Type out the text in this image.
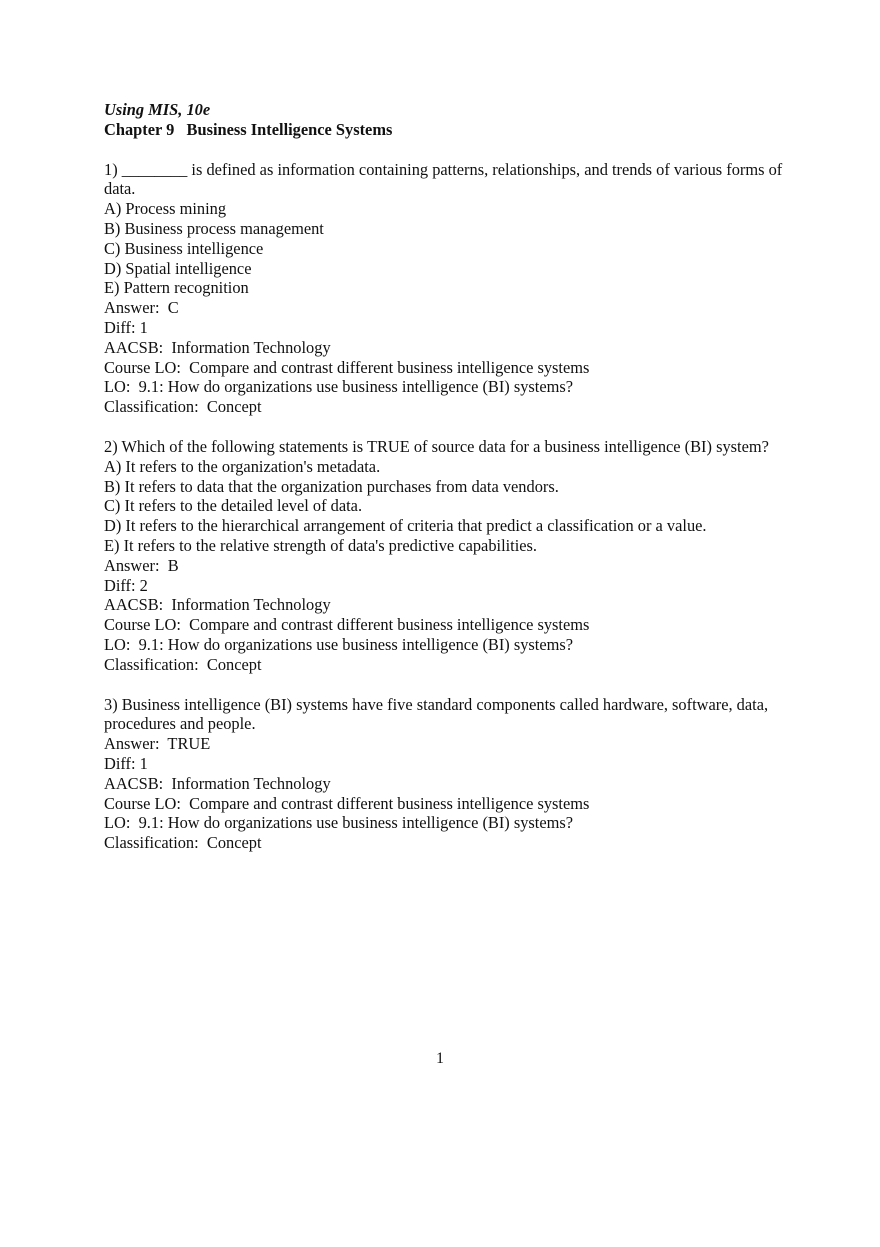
Using MIS, 10e
Chapter 9   Business Intelligence Systems

1) ________ is defined as information containing patterns, relationships, and trends of various forms of data.

A) Process mining

B) Business process management

C) Business intelligence

D) Spatial intelligence

E) Pattern recognition

Answer:  C

Diff: 1

AACSB:  Information Technology

Course LO:  Compare and contrast different business intelligence systems

LO:  9.1: How do organizations use business intelligence (BI) systems?

Classification:  Concept

2) Which of the following statements is TRUE of source data for a business intelligence (BI) system?

A) It refers to the organization's metadata.

B) It refers to data that the organization purchases from data vendors.

C) It refers to the detailed level of data.

D) It refers to the hierarchical arrangement of criteria that predict a classification or a value.

E) It refers to the relative strength of data's predictive capabilities.

Answer:  B

Diff: 2

AACSB:  Information Technology

Course LO:  Compare and contrast different business intelligence systems

LO:  9.1: How do organizations use business intelligence (BI) systems?

Classification:  Concept

3) Business intelligence (BI) systems have five standard components called hardware, software, data, procedures and people.

Answer:  TRUE

Diff: 1

AACSB:  Information Technology

Course LO:  Compare and contrast different business intelligence systems

LO:  9.1: How do organizations use business intelligence (BI) systems?

Classification:  Concept

1
